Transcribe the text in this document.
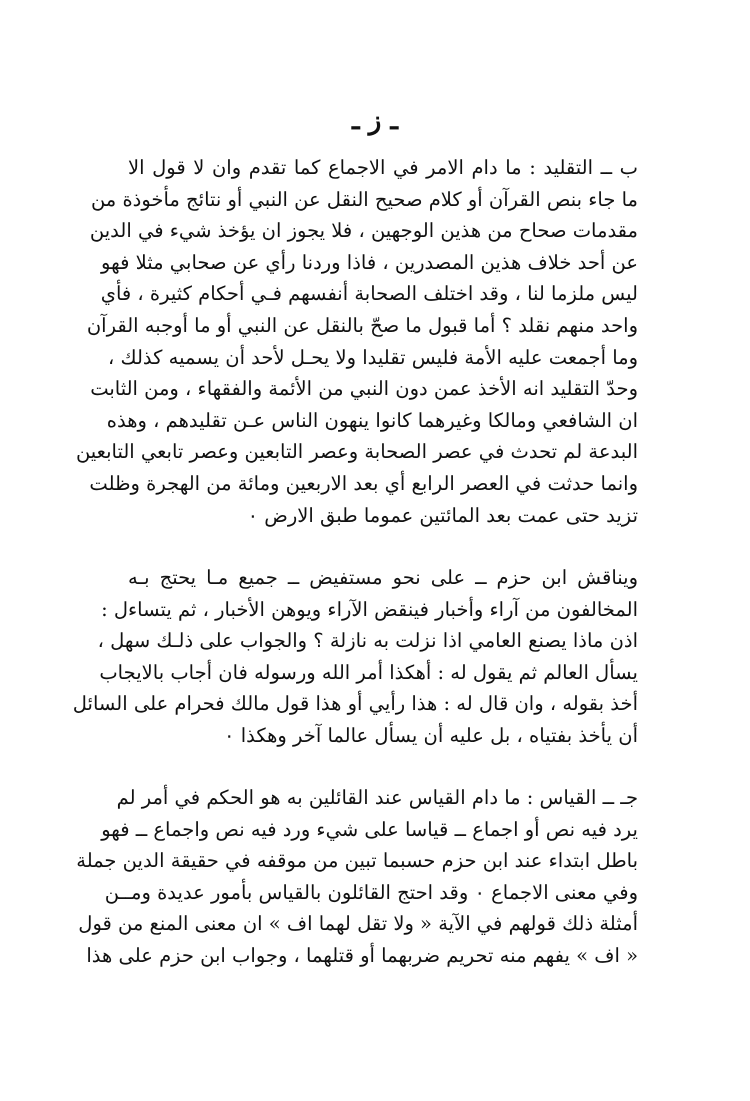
ـ ز ـ
ب ــ التقليد : ما دام الامر في الاجماع كما تقدم وان لا قول الا
ما جاء بنص القرآن أو كلام صحيح النقل عن النبي أو نتائج مأخوذة من
مقدمات صحاح من هذين الوجهين ، فلا يجوز ان يؤخذ شيء في الدين
عن أحد خلاف هذين المصدرين ، فاذا وردنا رأي عن صحابي مثلا فهو
ليس ملزما لنا ، وقد اختلف الصحابة أنفسهم فـي أحكام كثيرة ، فأي
واحد منهم نقلد ؟ أما قبول ما صحّ بالنقل عن النبي أو ما أوجبه القرآن
وما أجمعت عليه الأمة فليس تقليدا ولا يحـل لأحد أن يسميه كذلك ،
وحدّ التقليد انه الأخذ عمن دون النبي من الأئمة والفقهاء ، ومن الثابت
ان الشافعي ومالكا وغيرهما كانوا ينهون الناس عـن تقليدهم ، وهذه
البدعة لم تحدث في عصر الصحابة وعصر التابعين وعصر تابعي التابعين
وانما حدثت في العصر الرابع أي بعد الاربعين ومائة من الهجرة وظلت
تزيد حتى عمت بعد المائتين عموما طبق الارض ٠
ويناقش ابن حزم ــ على نحو مستفيض ــ جميع مـا يحتج بـه
المخالفون من آراء وأخبار فينقض الآراء ويوهن الأخبار ، ثم يتساءل :
اذن ماذا يصنع العامي اذا نزلت به نازلة ؟ والجواب على ذلـك سهل ،
يسأل العالم ثم يقول له : أهكذا أمر الله ورسوله فان أجاب بالايجاب
أخذ بقوله ، وان قال له : هذا رأيي أو هذا قول مالك فحرام على السائل
أن يأخذ بفتياه ، بل عليه أن يسأل عالما آخر وهكذا ٠
جـ ــ القياس : ما دام القياس عند القائلين به هو الحكم في أمر لم
يرد فيه نص أو اجماع ــ قياسا على شيء ورد فيه نص واجماع ــ فهو
باطل ابتداء عند ابن حزم حسبما تبين من موقفه في حقيقة الدين جملة
وفي معنى الاجماع ٠ وقد احتج القائلون بالقياس بأمور عديدة ومــن
أمثلة ذلك قولهم في الآية « ولا تقل لهما اف » ان معنى المنع من قول
« اف » يفهم منه تحريم ضربهما أو قتلهما ، وجواب ابن حزم على هذا
